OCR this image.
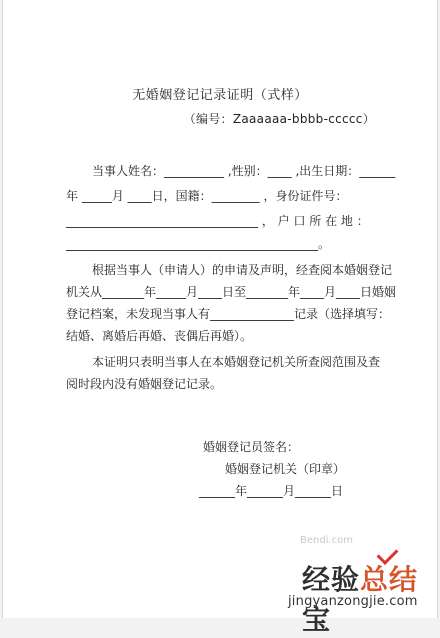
无婚姻登记记录证明（式样）
（编号：Zaaaaaa-bbbb-ccccc）
当事人姓名：__________ ,性别：____ ,出生日期：______
年 _____月 ____日，国籍：________ ，身份证件号：
________________________________ ， 户 口 所 在 地 ：
__________________________________________。
根据当事人（申请人）的申请及声明，经查阅本婚姻登记
机关从_______年_____月____日至_______年____月____日婚姻
登记档案，未发现当事人有______________记录（选择填写：
结婚、离婚后再婚、丧偶后再婚）。
本证明只表明当事人在本婚姻登记机关所查阅范围及查
阅时段内没有婚姻登记记录。
婚姻登记员签名：
婚姻登记机关（印章）
______年______月______日
Bendi.com
经验总结宝
jingyanzongjie.com
